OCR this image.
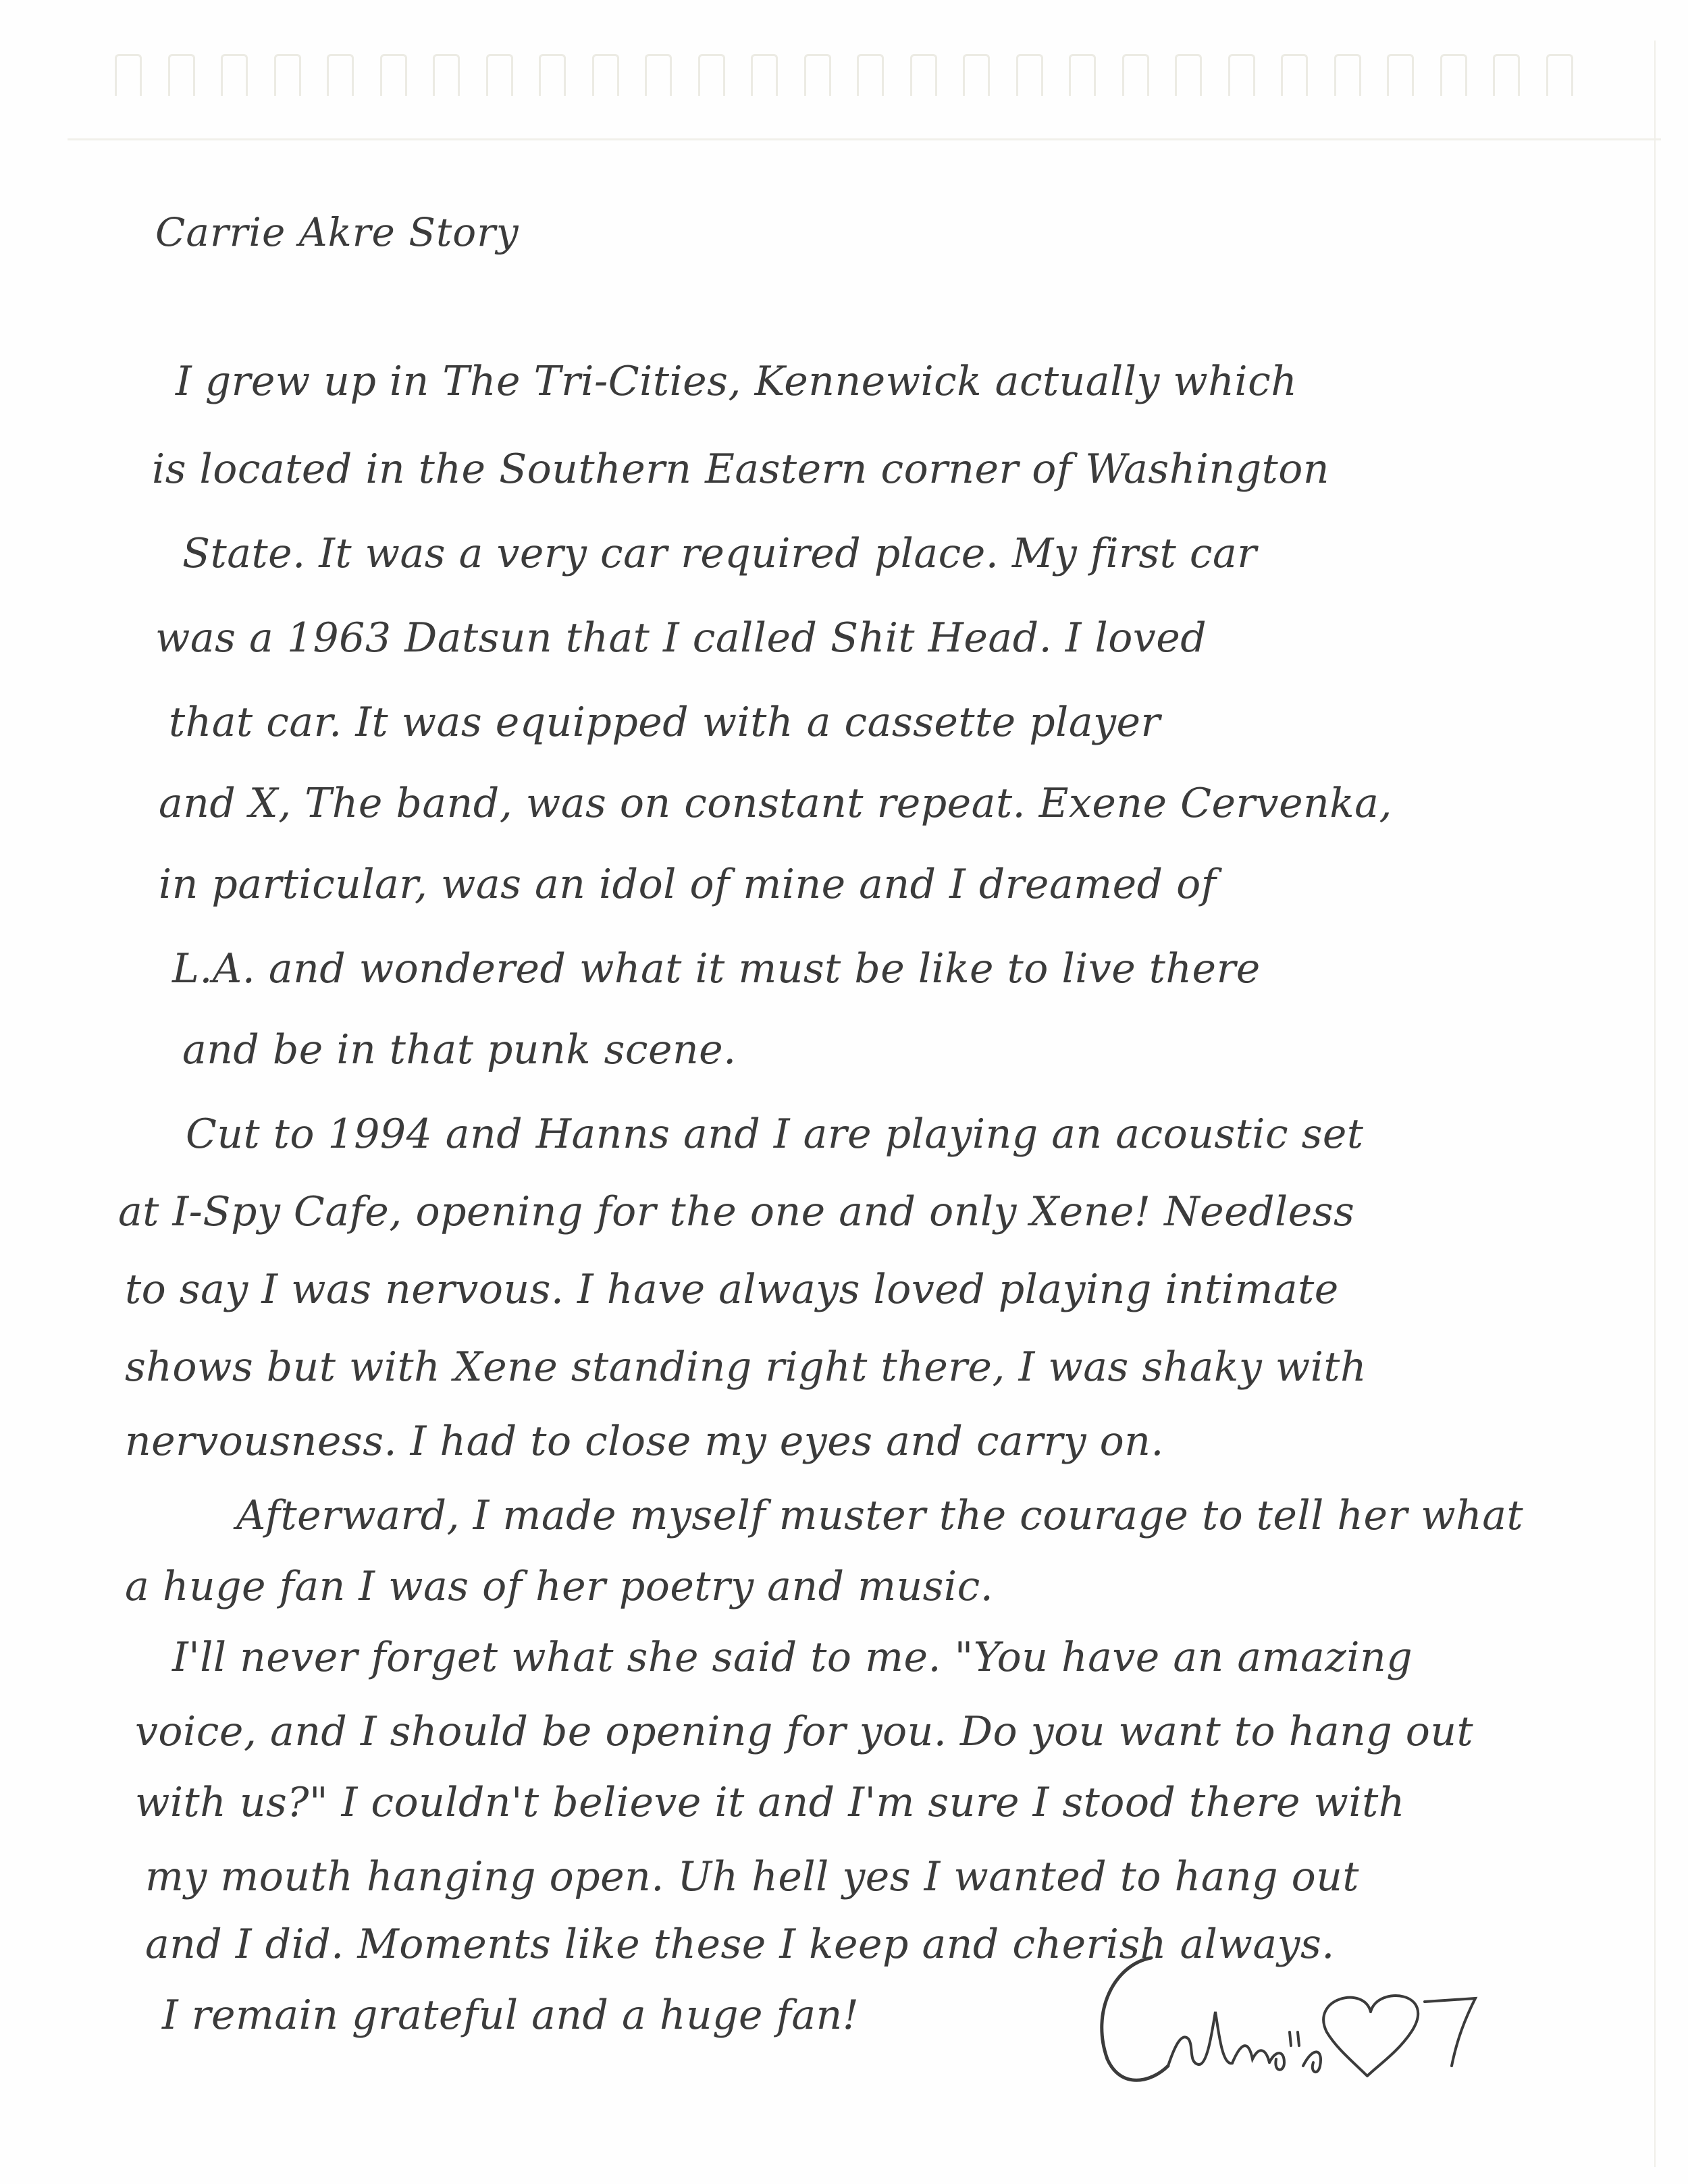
Carrie Akre Story
I grew up in The Tri-Cities, Kennewick actually which
is located in the Southern Eastern corner of Washington
State. It was a very car required place. My first car
was a 1963 Datsun that I called Shit Head. I loved
that car. It was equipped with a cassette player
and X, The band, was on constant repeat. Exene Cervenka,
in particular, was an idol of mine and I dreamed of
L.A. and wondered what it must be like to live there
and be in that punk scene.
Cut to 1994 and Hanns and I are playing an acoustic set
at I-Spy Cafe, opening for the one and only Xene! Needless
to say I was nervous. I have always loved playing intimate
shows but with Xene standing right there, I was shaky with
nervousness. I had to close my eyes and carry on.
Afterward, I made myself muster the courage to tell her what
a huge fan I was of her poetry and music.
I'll never forget what she said to me. "You have an amazing
voice, and I should be opening for you. Do you want to hang out
with us?" I couldn't believe it and I'm sure I stood there with
my mouth hanging open. Uh hell yes I wanted to hang out
and I did. Moments like these I keep and cherish always.
I remain grateful and a huge fan!
